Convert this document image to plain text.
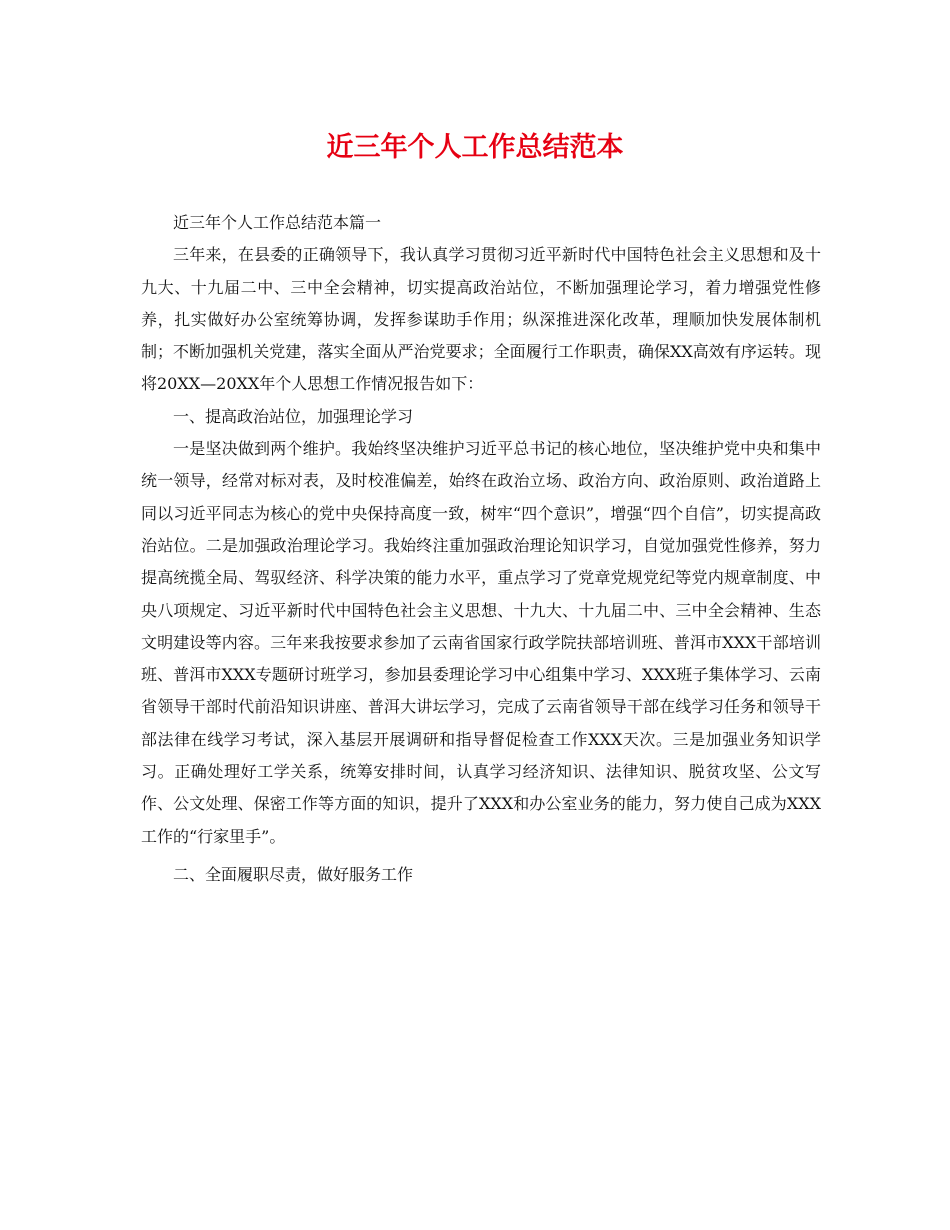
近三年个人工作总结范本

近三年个人工作总结范本篇一

三年来，在县委的正确领导下，我认真学习贯彻习近平新时代中国特色社会主义思想和及十九大、十九届二中、三中全会精神，切实提高政治站位，不断加强理论学习，着力增强党性修养，扎实做好办公室统筹协调，发挥参谋助手作用；纵深推进深化改革，理顺加快发展体制机制；不断加强机关党建，落实全面从严治党要求；全面履行工作职责，确保XX高效有序运转。现将20XX—20XX年个人思想工作情况报告如下：

一、提高政治站位，加强理论学习

一是坚决做到两个维护。我始终坚决维护习近平总书记的核心地位，坚决维护党中央和集中统一领导，经常对标对表，及时校准偏差，始终在政治立场、政治方向、政治原则、政治道路上同以习近平同志为核心的党中央保持高度一致，树牢“四个意识”，增强“四个自信”，切实提高政治站位。二是加强政治理论学习。我始终注重加强政治理论知识学习，自觉加强党性修养，努力提高统揽全局、驾驭经济、科学决策的能力水平，重点学习了党章党规党纪等党内规章制度、中央八项规定、习近平新时代中国特色社会主义思想、十九大、十九届二中、三中全会精神、生态文明建设等内容。三年来我按要求参加了云南省国家行政学院扶部培训班、普洱市XXX干部培训班、普洱市XXX专题研讨班学习，参加县委理论学习中心组集中学习、XXX班子集体学习、云南省领导干部时代前沿知识讲座、普洱大讲坛学习，完成了云南省领导干部在线学习任务和领导干部法律在线学习考试，深入基层开展调研和指导督促检查工作XXX天次。三是加强业务知识学习。正确处理好工学关系，统筹安排时间，认真学习经济知识、法律知识、脱贫攻坚、公文写作、公文处理、保密工作等方面的知识，提升了XXX和办公室业务的能力，努力使自己成为XXX工作的“行家里手”。

二、全面履职尽责，做好服务工作
